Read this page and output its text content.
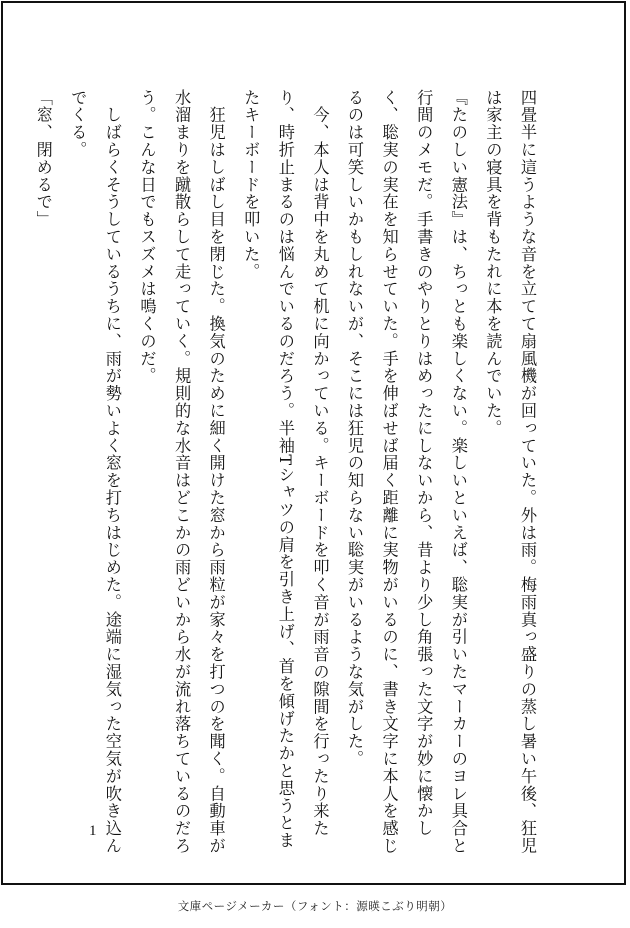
四畳半に這うような音を立てて扇風機が回っていた。外は雨。梅雨真っ盛りの蒸し暑い午後、狂児は家主の寝具を背もたれに本を読んでいた。
『たのしい憲法』は、ちっとも楽しくない。楽しいといえば、聡実が引いたマーカーのヨレ具合と行間のメモだ。手書きのやりとりはめったにしないから、昔より少し角張った文字が妙に懐かしく、聡実の実在を知らせていた。手を伸ばせば届く距離に実物がいるのに、書き文字に本人を感じるのは可笑しいかもしれないが、そこには狂児の知らない聡実がいるような気がした。
　今、本人は背中を丸めて机に向かっている。キーボードを叩く音が雨音の隙間を行ったり来たり、時折止まるのは悩んでいるのだろう。半袖Tシャツの肩を引き上げ、首を傾げたかと思うとまたキーボードを叩いた。
　狂児はしばし目を閉じた。換気のために細く開けた窓から雨粒が家々を打つのを聞く。自動車が水溜まりを蹴散らして走っていく。規則的な水音はどこかの雨どいから水が流れ落ちているのだろう。こんな日でもスズメは鳴くのだ。
　しばらくそうしているうちに、雨が勢いよく窓を打ちはじめた。途端に湿気った空気が吹き込んでくる。
「窓、閉めるで」
1
文庫ページメーカー（フォント：源暎こぶり明朝）
